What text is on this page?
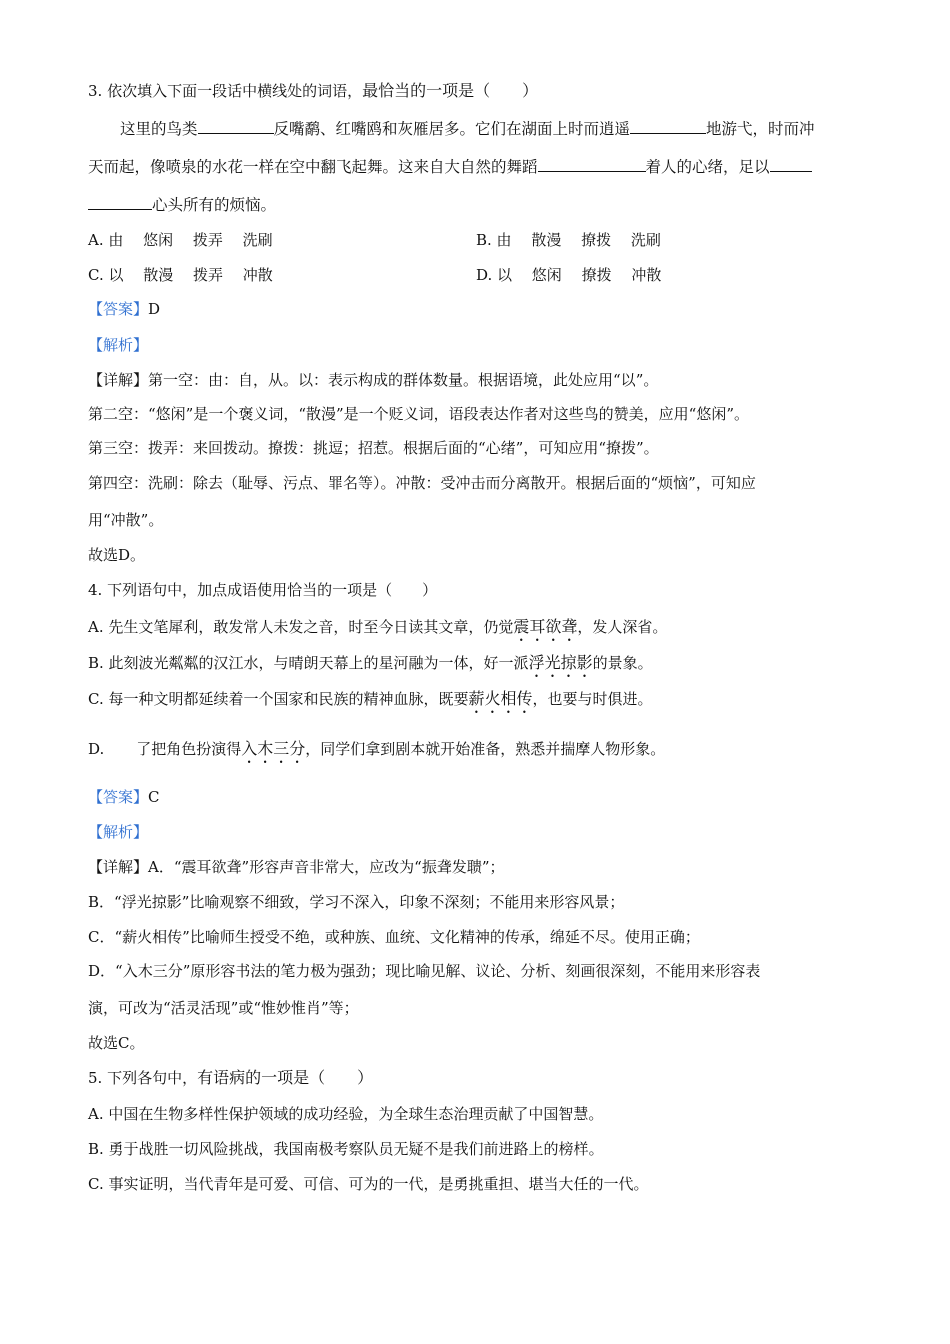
3. 依次填入下面一段话中横线处的词语，最恰当的一项是（　　）
这里的鸟类	反嘴鹬、红嘴鸥和灰雁居多。它们在湖面上时而逍遥	地游弋，时而冲
天而起，像喷泉的水花一样在空中翻飞起舞。这来自大自然的舞蹈	着人的心绪，足以
心头所有的烦恼。
A. 由　 悠闲　 拨弄　 洗刷	B. 由　 散漫　 撩拨　 洗刷
C. 以　 散漫　 拨弄　 冲散	D. 以　 悠闲　 撩拨　 冲散
【答案】D
【解析】
【详解】第一空：由：自，从。以：表示构成的群体数量。根据语境，此处应用“以”。
第二空：“悠闲”是一个褒义词，“散漫”是一个贬义词，语段表达作者对这些鸟的赞美，应用“悠闲”。
第三空：拨弄：来回拨动。撩拨：挑逗；招惹。根据后面的“心绪”，可知应用“撩拨”。
第四空：洗刷：除去（耻辱、污点、罪名等）。冲散：受冲击而分离散开。根据后面的“烦恼”，可知应
用“冲散”。
故选D。
4. 下列语句中，加点成语使用恰当的一项是（　　）
A. 先生文笔犀利，敢发常人未发之音，时至今日读其文章，仍觉震耳欲聋，发人深省。
B. 此刻波光粼粼的汉江水，与晴朗天幕上的星河融为一体，好一派浮光掠影的景象。
C. 每一种文明都延续着一个国家和民族的精神血脉，既要薪火相传，也要与时俱进。
D. 了把角色扮演得入木三分，同学们拿到剧本就开始准备，熟悉并揣摩人物形象。
【答案】C
【解析】
【详解】A．“震耳欲聋”形容声音非常大，应改为“振聋发聩”；
B．“浮光掠影”比喻观察不细致，学习不深入，印象不深刻；不能用来形容风景；
C．“薪火相传”比喻师生授受不绝，或种族、血统、文化精神的传承，绵延不尽。使用正确；
D．“入木三分”原形容书法的笔力极为强劲；现比喻见解、议论、分析、刻画很深刻，不能用来形容表
演，可改为“活灵活现”或“惟妙惟肖”等；
故选C。
5. 下列各句中，有语病的一项是（　　）
A. 中国在生物多样性保护领域的成功经验，为全球生态治理贡献了中国智慧。
B. 勇于战胜一切风险挑战，我国南极考察队员无疑不是我们前进路上的榜样。
C. 事实证明，当代青年是可爱、可信、可为的一代，是勇挑重担、堪当大任的一代。
